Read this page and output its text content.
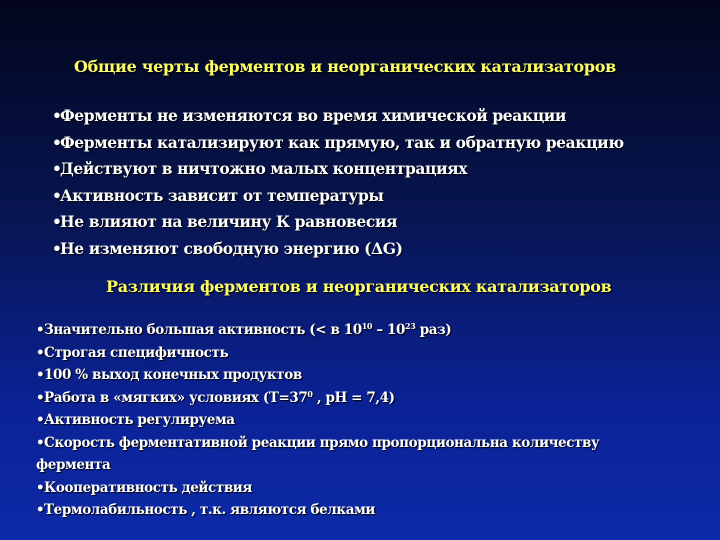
Общие черты ферментов и неорганических катализаторов
•Ферменты не изменяются во время химической реакции
•Ферменты катализируют как прямую, так и обратную реакцию
•Действуют в ничтожно малых концентрациях
•Активность зависит от температуры
•Не влияют на величину К равновесия
•Не изменяют свободную энергию (ΔG)
Различия ферментов и неорганических катализаторов
•Значительно большая активность (< в $10^{10} - 10^{23}$ раз)
•Строгая специфичность
•100 % выход конечных продуктов
•Работа в «мягких» условиях ($Т=37^0$ , рН = 7,4)
•Активность регулируема
•Скорость ферментативной реакции прямо пропорциональна количеству фермента
•Кооперативность действия
•Термолабильность , т.к. являются белками
